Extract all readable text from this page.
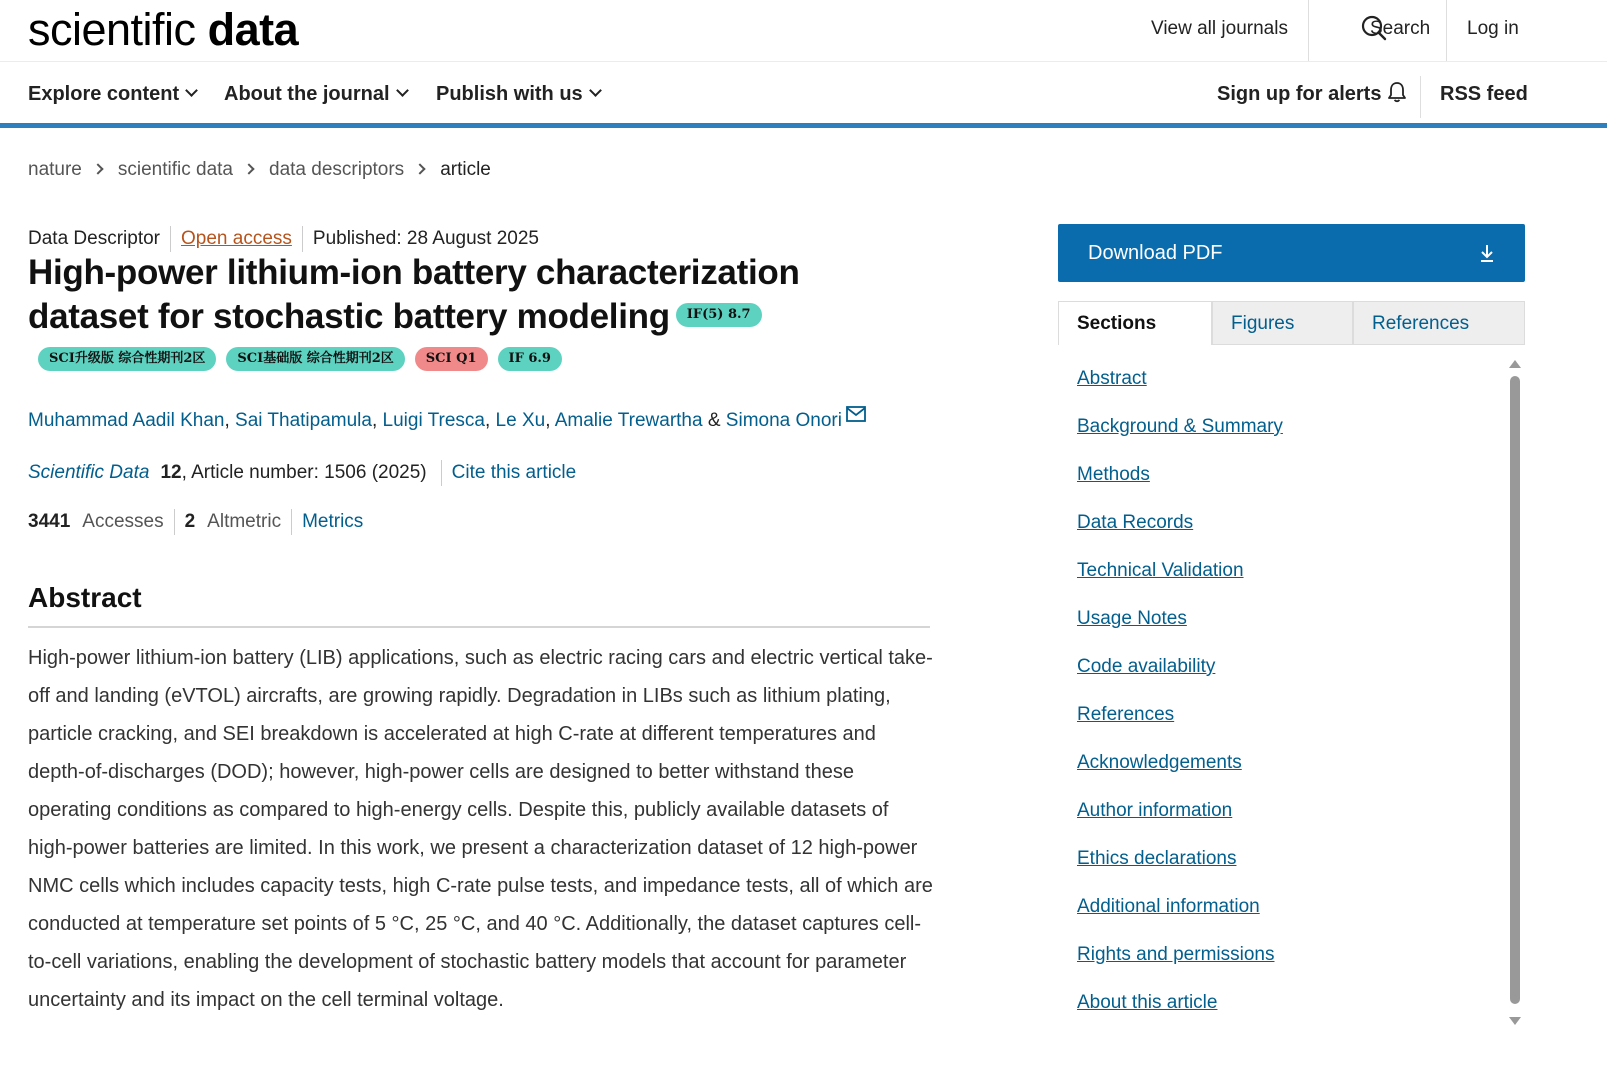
scientific data	View all journals	Search Log in
Explore content	About the journal	Publish with us	Sign up for alerts	RSS feed
nature scientific data data descriptors article
Data Descriptor Open access Published: 28 August 2025
High-power lithium-ion battery characterization dataset for stochastic battery modeling IF(5) 8.7SCI升级版 综合性期刊2区 SCI基础版 综合性期刊2区 SCI Q1 IF 6.9
Muhammad Aadil Khan, Sai Thatipamula, Luigi Tresca, Le Xu, Amalie Trewartha & Simona Onori
Scientific Data 12 , Article number: 1506 (2025) Cite this article
3441 Accesses 2 Altmetric Metrics
Abstract

High-power lithium-ion battery (LIB) applications, such as electric racing cars and electric vertical take-off and landing (eVTOL) aircrafts, are growing rapidly. Degradation in LIBs such as lithium plating, particle cracking, and SEI breakdown is accelerated at high C-rate at different temperatures and depth-of-discharges (DOD); however, high-power cells are designed to better withstand these operating conditions as compared to high-energy cells. Despite this, publicly available datasets of high-power batteries are limited. In this work, we present a characterization dataset of 12 high-power NMC cells which includes capacity tests, high C-rate pulse tests, and impedance tests, all of which are conducted at temperature set points of 5 °C, 25 °C, and 40 °C. Additionally, the dataset captures cell-to-cell variations, enabling the development of stochastic battery models that account for parameter uncertainty and its impact on the cell terminal voltage.

Download PDF
Sections	Figures	References
Abstract
Background & Summary
Methods
Data Records
Technical Validation
Usage Notes
Code availability
References
Acknowledgements
Author information
Ethics declarations
Additional information
Rights and permissions
About this article
